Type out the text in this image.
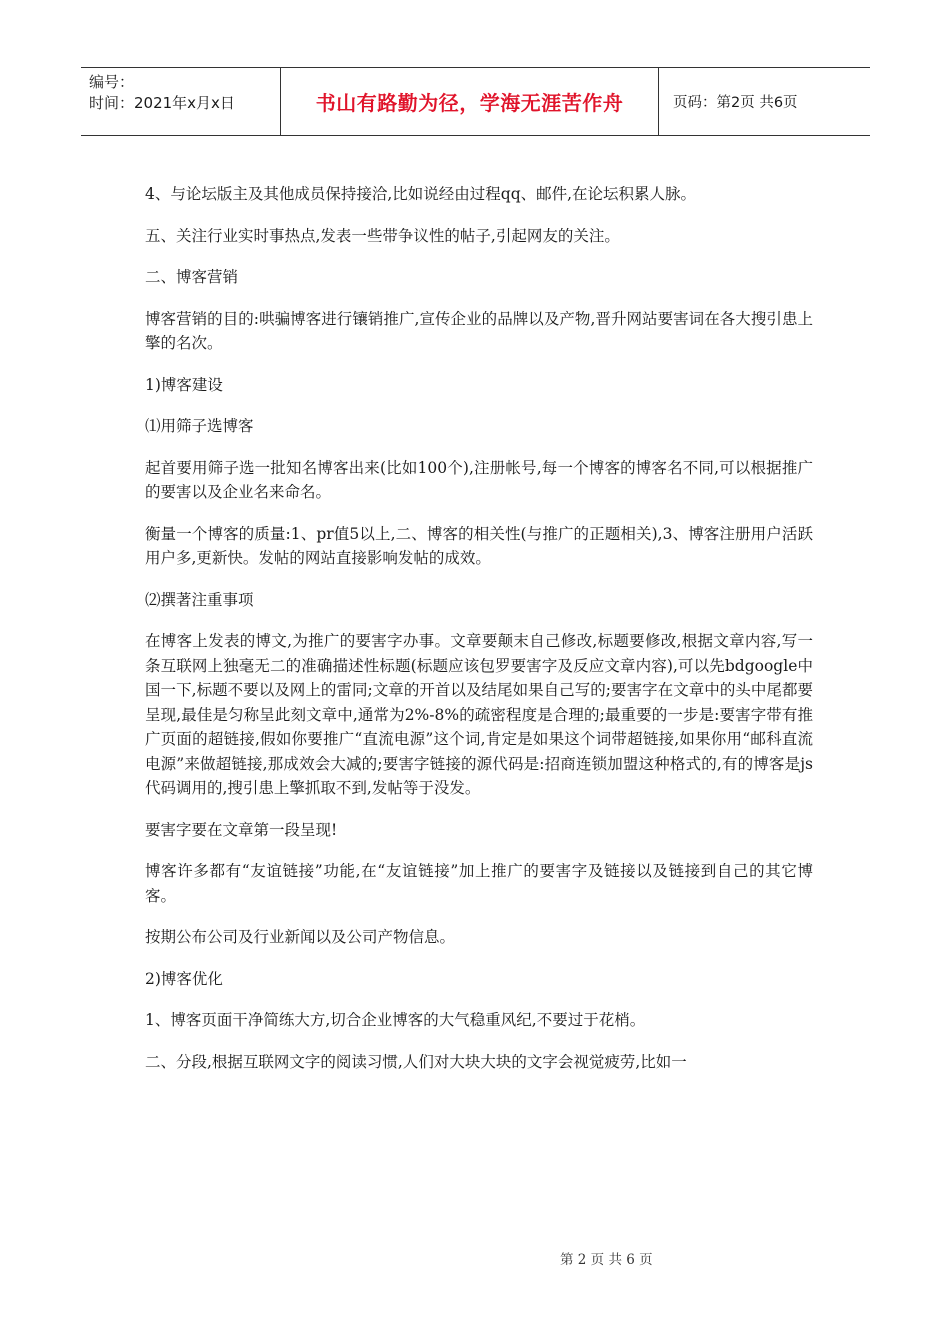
编号：
时间：2021年x月x日	书山有路勤为径，学海无涯苦作舟	页码：第2页 共6页

4、与论坛版主及其他成员保持接洽,比如说经由过程qq、邮件,在论坛积累人脉。

五、关注行业实时事热点,发表一些带争议性的帖子,引起网友的关注。

二、博客营销

博客营销的目的:哄骗博客进行镶销推广,宣传企业的品牌以及产物,晋升网站要害词在各大搜引患上擎的名次。

1)博客建设

⑴用筛子选博客

起首要用筛子选一批知名博客出来(比如100个),注册帐号,每一个博客的博客名不同,可以根据推广的要害以及企业名来命名。

衡量一个博客的质量:1、pr值5以上,二、博客的相关性(与推广的正题相关),3、博客注册用户活跃用户多,更新快。发帖的网站直接影响发帖的成效。

⑵撰著注重事项

在博客上发表的博文,为推广的要害字办事。文章要颠末自己修改,标题要修改,根据文章内容,写一条互联网上独毫无二的准确描述性标题(标题应该包罗要害字及反应文章内容),可以先bdgoogle中国一下,标题不要以及网上的雷同;文章的开首以及结尾如果自己写的;要害字在文章中的头中尾都要呈现,最佳是匀称呈此刻文章中,通常为2%-8%的疏密程度是合理的;最重要的一步是:要害字带有推广页面的超链接,假如你要推广“直流电源”这个词,肯定是如果这个词带超链接,如果你用“邮科直流电源”来做超链接,那成效会大减的;要害字链接的源代码是:招商连锁加盟这种格式的,有的博客是js代码调用的,搜引患上擎抓取不到,发帖等于没发。

要害字要在文章第一段呈现!

博客许多都有“友谊链接”功能,在“友谊链接”加上推广的要害字及链接以及链接到自己的其它博客。

按期公布公司及行业新闻以及公司产物信息。

2)博客优化

1、博客页面干净简练大方,切合企业博客的大气稳重风纪,不要过于花梢。

二、分段,根据互联网文字的阅读习惯,人们对大块大块的文字会视觉疲劳,比如一

第 2 页 共 6 页
